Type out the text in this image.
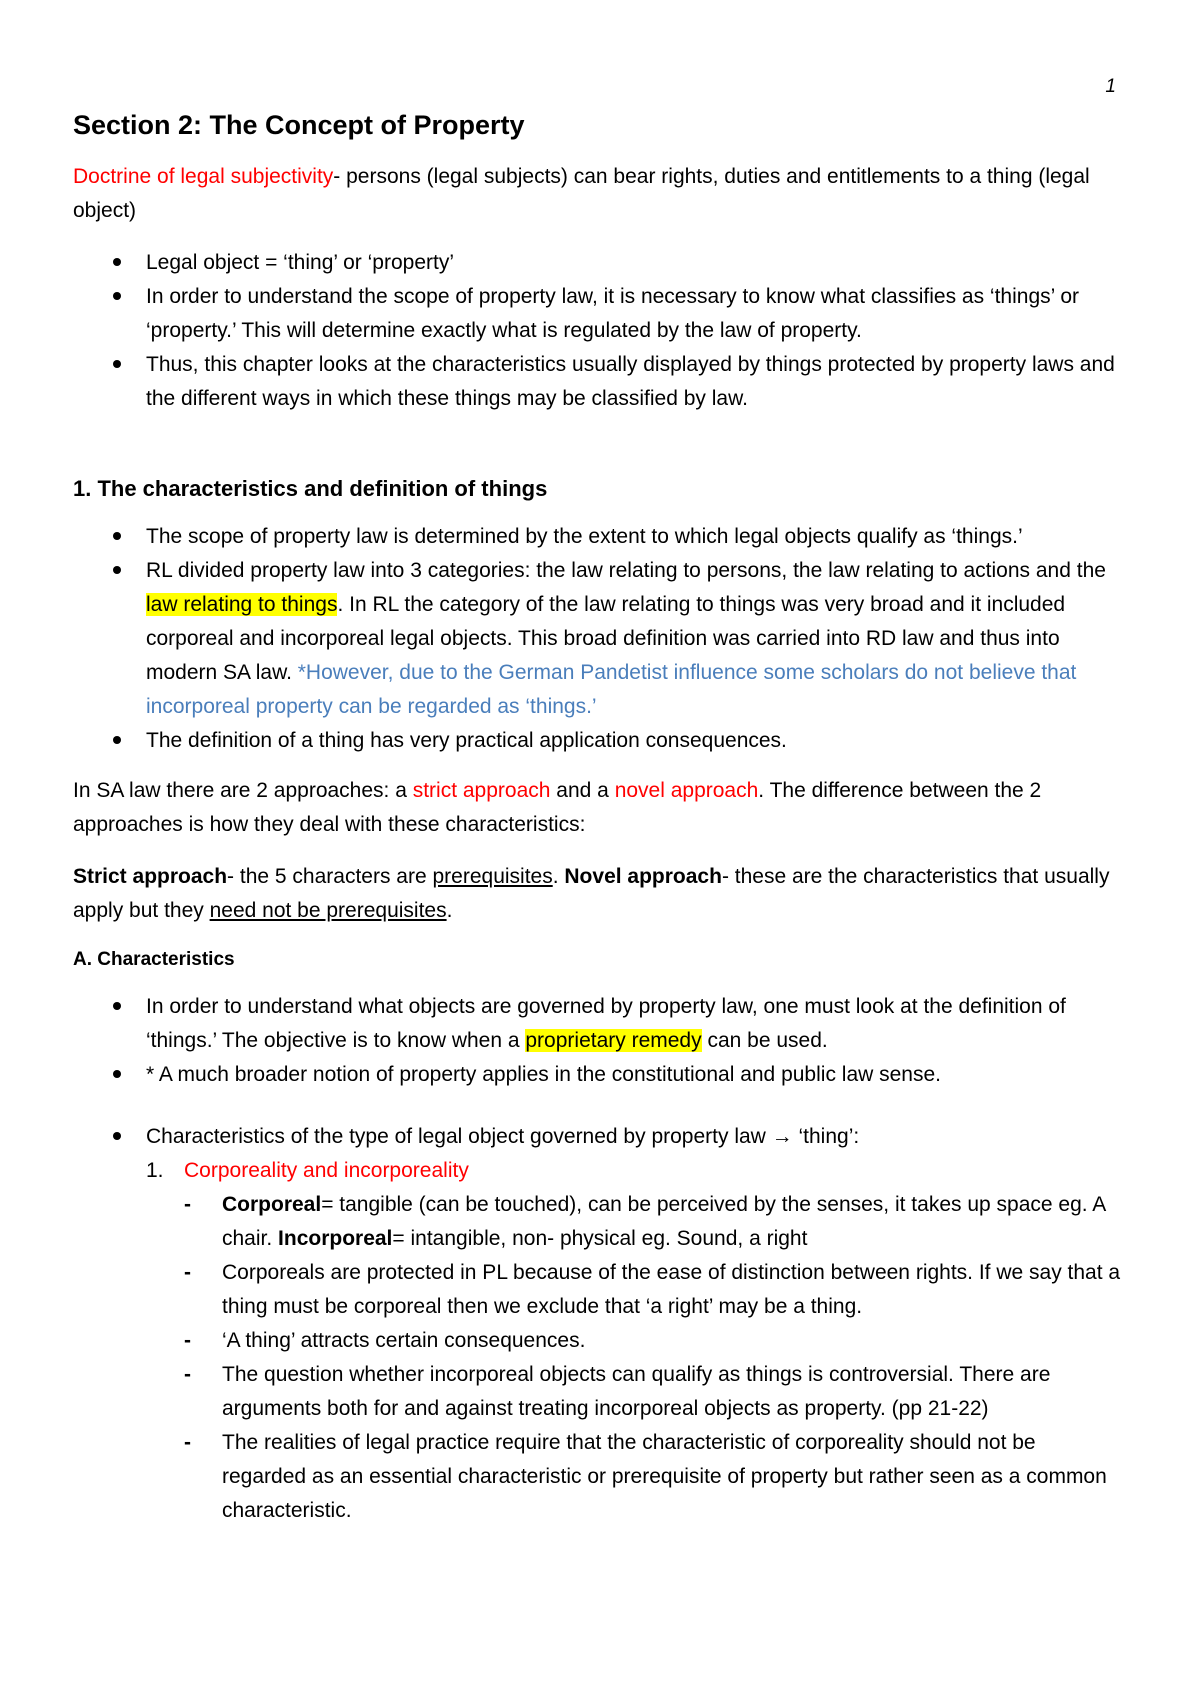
1
Section 2: The Concept of Property

Doctrine of legal subjectivity- persons (legal subjects) can bear rights, duties and entitlements to a thing (legal object)

Legal object = ‘thing’ or ‘property’
In order to understand the scope of property law, it is necessary to know what classifies as ‘things’ or ‘property.’ This will determine exactly what is regulated by the law of property.
Thus, this chapter looks at the characteristics usually displayed by things protected by property laws and the different ways in which these things may be classified by law.
1. The characteristics and definition of things
The scope of property law is determined by the extent to which legal objects qualify as ‘things.’
RL divided property law into 3 categories: the law relating to persons, the law relating to actions and the law relating to things. In RL the category of the law relating to things was very broad and it included corporeal and incorporeal legal objects. This broad definition was carried into RD law and thus into modern SA law. *However, due to the German Pandetist influence some scholars do not believe that incorporeal property can be regarded as ‘things.’
The definition of a thing has very practical application consequences.

In SA law there are 2 approaches: a strict approach and a novel approach. The difference between the 2 approaches is how they deal with these characteristics:

Strict approach- the 5 characters are prerequisites. Novel approach- these are the characteristics that usually apply but they need not be prerequisites.

A. Characteristics
In order to understand what objects are governed by property law, one must look at the definition of ‘things.’ The objective is to know when a proprietary remedy can be used.
* A much broader notion of property applies in the constitutional and public law sense.
Characteristics of the type of legal object governed by property law → ‘thing’:
1. Corporeality and incorporeality
- Corporeal= tangible (can be touched), can be perceived by the senses, it takes up space eg. A chair. Incorporeal= intangible, non- physical eg. Sound, a right
- Corporeals are protected in PL because of the ease of distinction between rights. If we say that a thing must be corporeal then we exclude that ‘a right’ may be a thing.
- ‘A thing’ attracts certain consequences.
- The question whether incorporeal objects can qualify as things is controversial. There are arguments both for and against treating incorporeal objects as property. (pp 21-22)
- The realities of legal practice require that the characteristic of corporeality should not be regarded as an essential characteristic or prerequisite of property but rather seen as a common characteristic.
